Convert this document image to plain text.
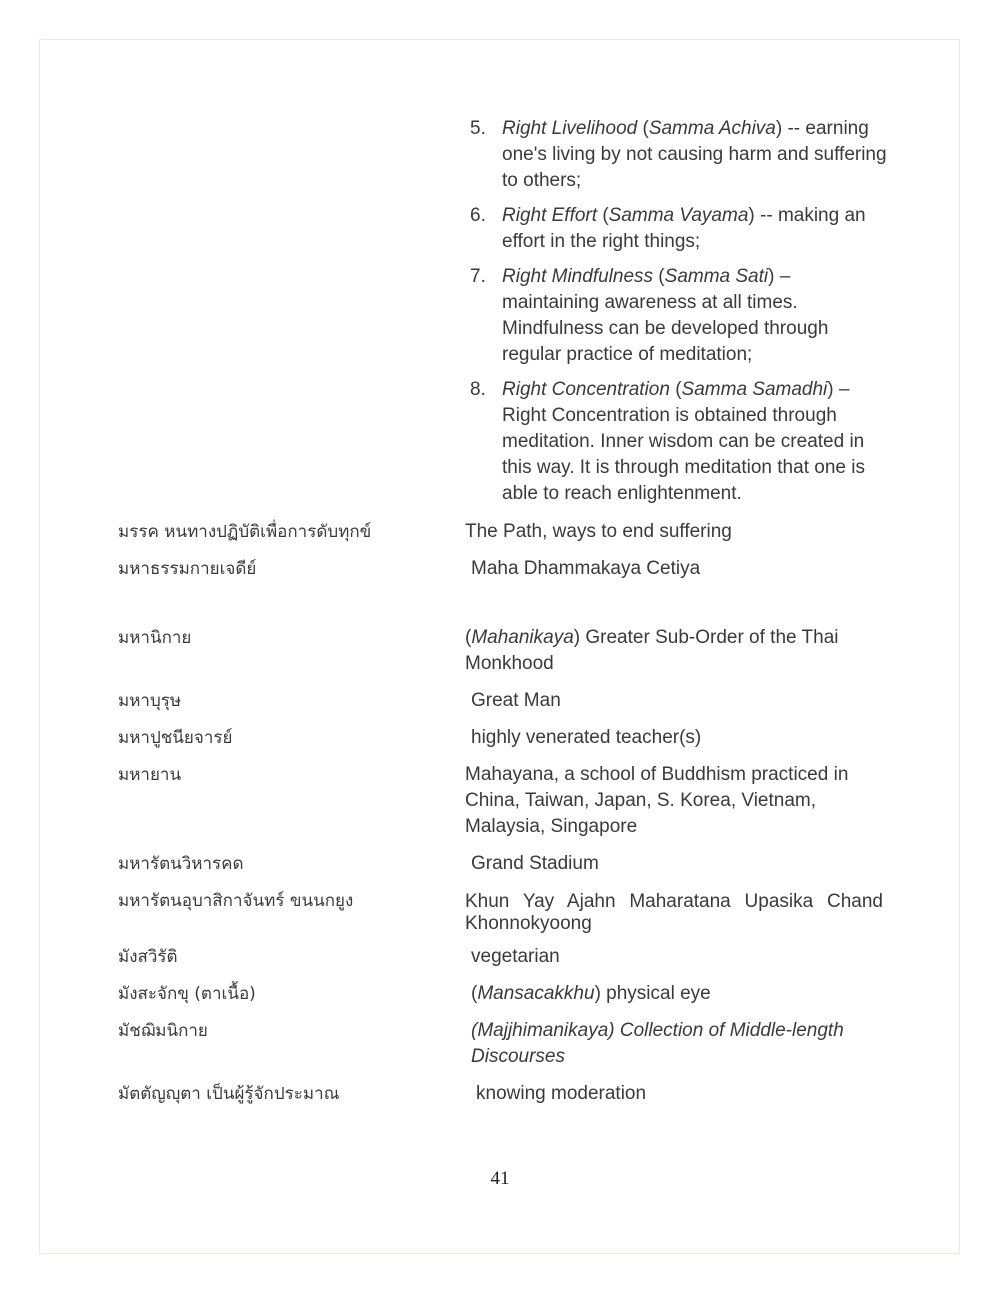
5. Right Livelihood (Samma Achiva) -- earning one's living by not causing harm and suffering to others;
6. Right Effort (Samma Vayama) -- making an effort in the right things;
7. Right Mindfulness (Samma Sati) – maintaining awareness at all times. Mindfulness can be developed through regular practice of meditation;
8. Right Concentration (Samma Samadhi) – Right Concentration is obtained through meditation. Inner wisdom can be created in this way. It is through meditation that one is able to reach enlightenment.
มรรค หนทางปฏิบัติเพื่อการดับทุกข์	The Path, ways to end suffering
มหาธรรมกายเจดีย์	Maha Dhammakaya Cetiya
มหานิกาย	(Mahanikaya) Greater Sub-Order of the Thai Monkhood
มหาบุรุษ	Great Man
มหาปูชนียจารย์	highly venerated teacher(s)
มหายาน	Mahayana, a school of Buddhism practiced in China, Taiwan, Japan, S. Korea, Vietnam, Malaysia, Singapore
มหารัตนวิหารคด	Grand Stadium
มหารัตนอุบาสิกาจันทร์ ขนนกยูง	Khun Yay Ajahn Maharatana Upasika Chand Khonnokyoong
มังสวิรัติ	vegetarian
มังสะจักขุ (ตาเนื้อ)	(Mansacakkhu) physical eye
มัชฌิมนิกาย	(Majjhimanikaya) Collection of Middle-length Discourses
มัตตัญญุตา เป็นผู้รู้จักประมาณ	knowing moderation
41
